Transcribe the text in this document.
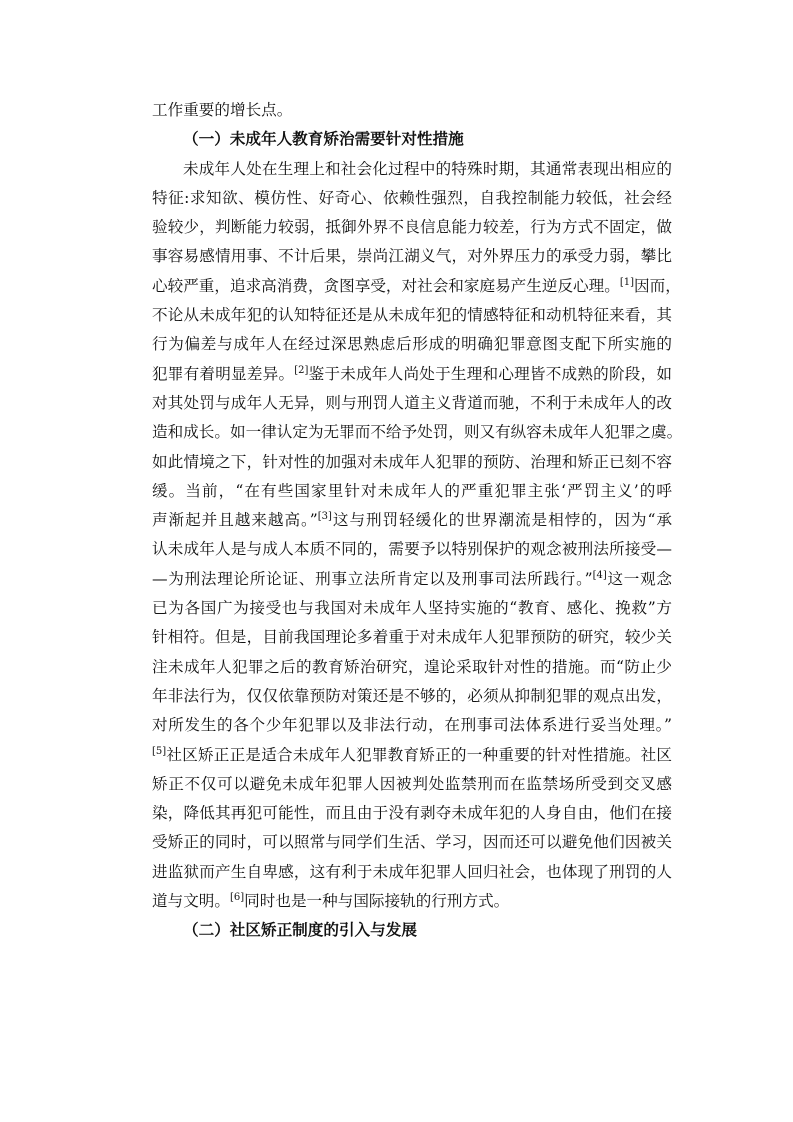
工作重要的增长点。
（一）未成年人教育矫治需要针对性措施
未成年人处在生理上和社会化过程中的特殊时期，其通常表现出相应的
特征:求知欲、模仿性、好奇心、依赖性强烈，自我控制能力较低，社会经
验较少，判断能力较弱，抵御外界不良信息能力较差，行为方式不固定，做
事容易感情用事、不计后果，崇尚江湖义气，对外界压力的承受力弱，攀比
心较严重，追求高消费，贪图享受，对社会和家庭易产生逆反心理。[1]因而，
不论从未成年犯的认知特征还是从未成年犯的情感特征和动机特征来看，其
行为偏差与成年人在经过深思熟虑后形成的明确犯罪意图支配下所实施的
犯罪有着明显差异。[2]鉴于未成年人尚处于生理和心理皆不成熟的阶段，如
对其处罚与成年人无异，则与刑罚人道主义背道而驰，不利于未成年人的改
造和成长。如一律认定为无罪而不给予处罚，则又有纵容未成年人犯罪之虞。
如此情境之下，针对性的加强对未成年人犯罪的预防、治理和矫正已刻不容
缓。当前，“在有些国家里针对未成年人的严重犯罪主张‘严罚主义’的呼
声渐起并且越来越高。”[3]这与刑罚轻缓化的世界潮流是相悖的，因为“承
认未成年人是与成人本质不同的，需要予以特别保护的观念被刑法所接受—
—为刑法理论所论证、刑事立法所肯定以及刑事司法所践行。”[4]这一观念
已为各国广为接受也与我国对未成年人坚持实施的“教育、感化、挽救”方
针相符。但是，目前我国理论多着重于对未成年人犯罪预防的研究，较少关
注未成年人犯罪之后的教育矫治研究，遑论采取针对性的措施。而“防止少
年非法行为，仅仅依靠预防对策还是不够的，必须从抑制犯罪的观点出发，
对所发生的各个少年犯罪以及非法行动，在刑事司法体系进行妥当处理。”
[5]社区矫正正是适合未成年人犯罪教育矫正的一种重要的针对性措施。社区
矫正不仅可以避免未成年犯罪人因被判处监禁刑而在监禁场所受到交叉感
染，降低其再犯可能性，而且由于没有剥夺未成年犯的人身自由，他们在接
受矫正的同时，可以照常与同学们生活、学习，因而还可以避免他们因被关
进监狱而产生自卑感，这有利于未成年犯罪人回归社会，也体现了刑罚的人
道与文明。[6]同时也是一种与国际接轨的行刑方式。
（二）社区矫正制度的引入与发展
